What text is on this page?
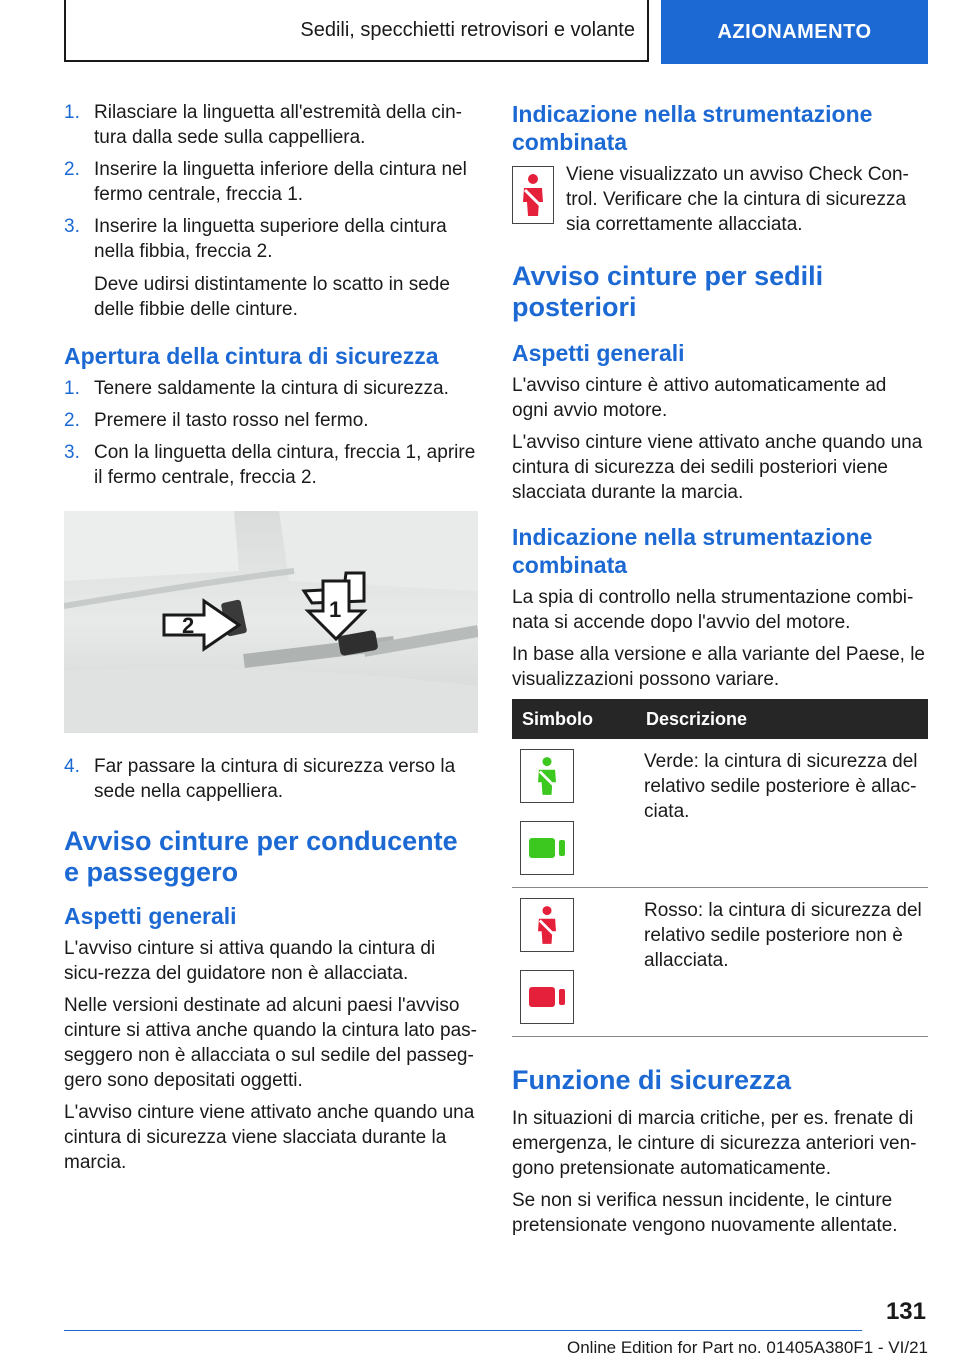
Sedili, specchietti retrovisori e volante	AZIONAMENTO
1. Rilasciare la linguetta all'estremità della cin-tura dalla sede sulla cappelliera.
2. Inserire la linguetta inferiore della cintura nel fermo centrale, freccia 1.
3. Inserire la linguetta superiore della cintura nella fibbia, freccia 2.
Deve udirsi distintamente lo scatto in sede delle fibbie delle cinture.
Apertura della cintura di sicurezza
1. Tenere saldamente la cintura di sicurezza.
2. Premere il tasto rosso nel fermo.
3. Con la linguetta della cintura, freccia 1, aprire il fermo centrale, freccia 2.
1
2
4. Far passare la cintura di sicurezza verso la sede nella cappelliera.
Avviso cinture per conducente e passeggero
Aspetti generali

L'avviso cinture si attiva quando la cintura di sicu-rezza del guidatore non è allacciata.

Nelle versioni destinate ad alcuni paesi l'avviso cinture si attiva anche quando la cintura lato pas-seggero non è allacciata o sul sedile del passeg-gero sono depositati oggetti.

L'avviso cinture viene attivato anche quando una cintura di sicurezza viene slacciata durante la marcia.

Indicazione nella strumentazione combinata

Viene visualizzato un avviso Check Con-trol. Verificare che la cintura di sicurezza sia correttamente allacciata.

Avviso cinture per sedili posteriori
Aspetti generali

L'avviso cinture è attivo automaticamente ad ogni avvio motore.

L'avviso cinture viene attivato anche quando una cintura di sicurezza dei sedili posteriori viene slacciata durante la marcia.

Indicazione nella strumentazione combinata

La spia di controllo nella strumentazione combi-nata si accende dopo l'avvio del motore.

In base alla versione e alla variante del Paese, le visualizzazioni possono variare.

Simbolo	Descrizione

	Verde: la cintura di sicurezza del relativo sedile posteriore è allac-ciata.

	Rosso: la cintura di sicurezza del relativo sedile posteriore non è allacciata.
Funzione di sicurezza

In situazioni di marcia critiche, per es. frenate di emergenza, le cinture di sicurezza anteriori ven-gono pretensionate automaticamente.

Se non si verifica nessun incidente, le cinture pretensionate vengono nuovamente allentate.

131
Online Edition for Part no. 01405A380F1 - VI/21
